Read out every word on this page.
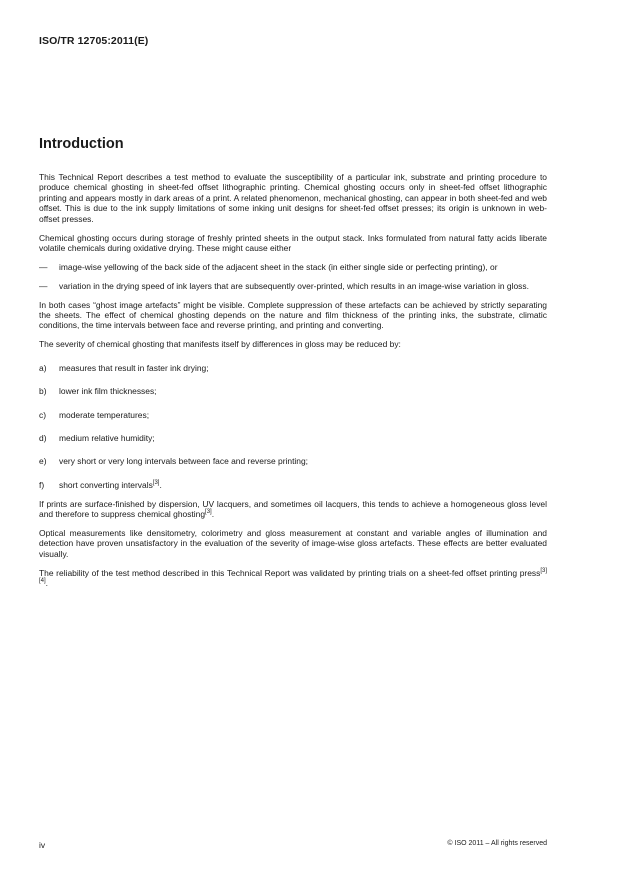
ISO/TR 12705:2011(E)
Introduction

This Technical Report describes a test method to evaluate the susceptibility of a particular ink, substrate and printing procedure to produce chemical ghosting in sheet-fed offset lithographic printing. Chemical ghosting occurs only in sheet-fed offset lithographic printing and appears mostly in dark areas of a print. A related phenomenon, mechanical ghosting, can appear in both sheet-fed and web offset. This is due to the ink supply limitations of some inking unit designs for sheet-fed offset presses; its origin is unknown in web-offset presses.

Chemical ghosting occurs during storage of freshly printed sheets in the output stack. Inks formulated from natural fatty acids liberate volatile chemicals during oxidative drying. These might cause either

—	image-wise yellowing of the back side of the adjacent sheet in the stack (in either single side or perfecting printing), or
—	variation in the drying speed of ink layers that are subsequently over-printed, which results in an image-wise variation in gloss.

In both cases “ghost image artefacts” might be visible. Complete suppression of these artefacts can be achieved by strictly separating the sheets. The effect of chemical ghosting depends on the nature and film thickness of the printing inks, the substrate, climatic conditions, the time intervals between face and reverse printing, and printing and converting.

The severity of chemical ghosting that manifests itself by differences in gloss may be reduced by:

a)	measures that result in faster ink drying;
b)	lower ink film thicknesses;
c)	moderate temperatures;
d)	medium relative humidity;
e)	very short or very long intervals between face and reverse printing;
f)	short converting intervals[3].

If prints are surface-finished by dispersion, UV lacquers, and sometimes oil lacquers, this tends to achieve a homogeneous gloss level and therefore to suppress chemical ghosting[3].

Optical measurements like densitometry, colorimetry and gloss measurement at constant and variable angles of illumination and detection have proven unsatisfactory in the evaluation of the severity of image-wise gloss artefacts. These effects are better evaluated visually.

The reliability of the test method described in this Technical Report was validated by printing trials on a sheet-fed offset printing press[3][4].

iv	© ISO 2011 – All rights reserved
